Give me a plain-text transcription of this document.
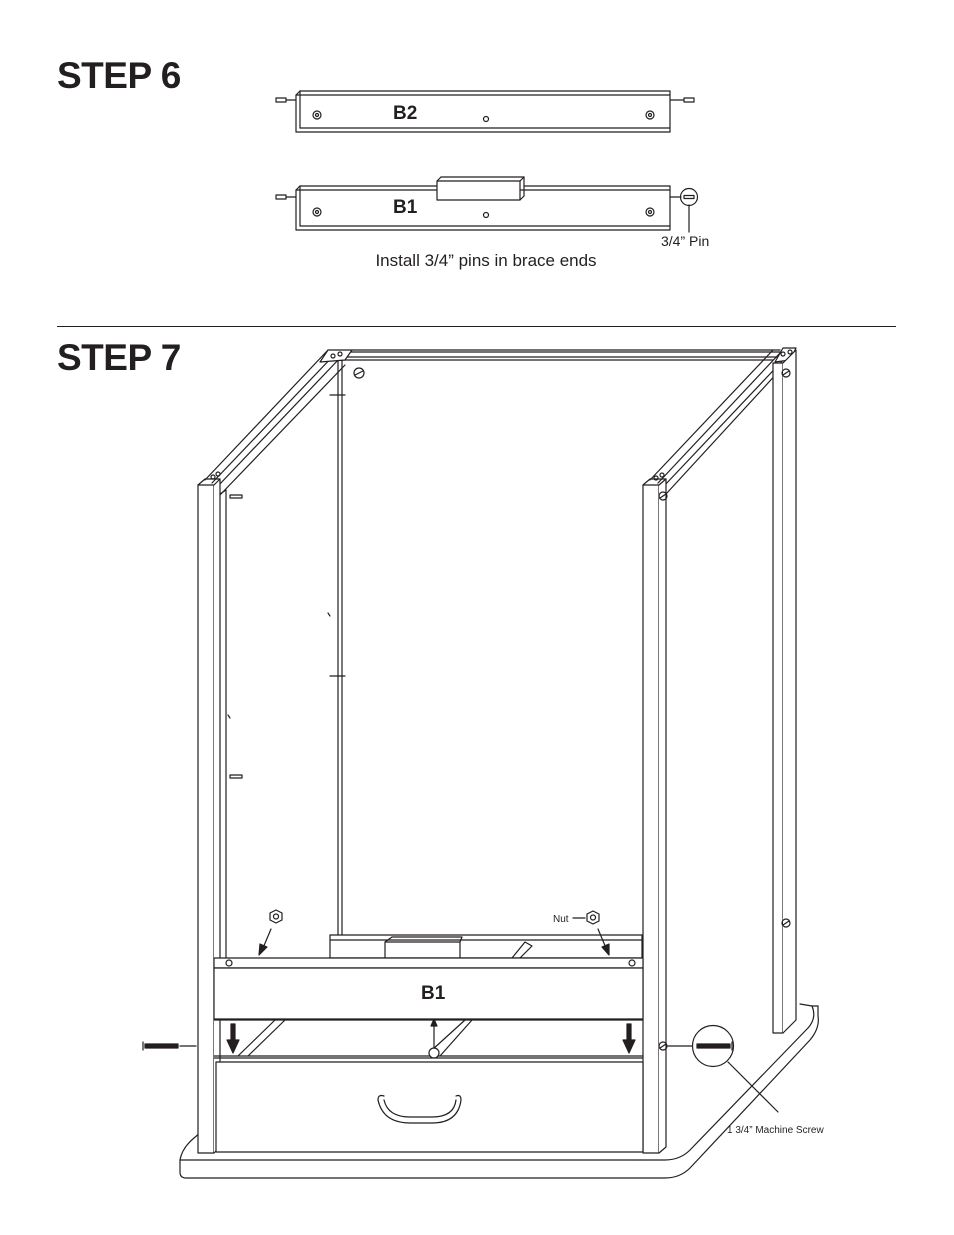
STEP 6
STEP 7
B2
B1
3/4” Pin
Install 3/4” pins in brace ends
B1
Nut
1 3/4” Machine Screw
